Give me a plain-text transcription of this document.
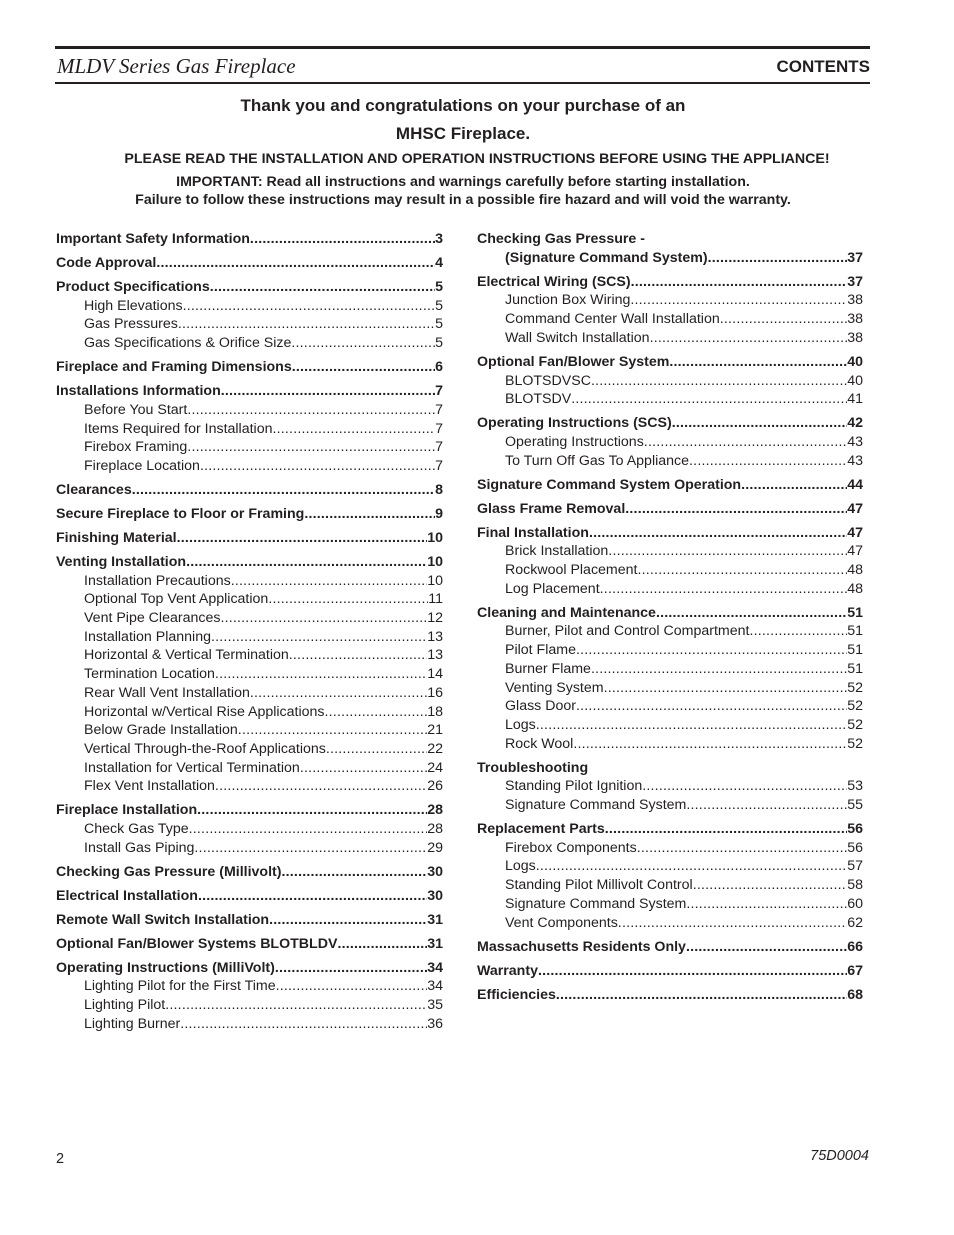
MLDV Series Gas Fireplace	CONTENTS
Thank you and congratulations on your purchase of an
MHSC Fireplace.
PLEASE READ THE INSTALLATION AND OPERATION INSTRUCTIONS BEFORE USING THE APPLIANCE!
IMPORTANT: Read all instructions and warnings carefully before starting installation.
Failure to follow these instructions may result in a possible fire hazard and will void the warranty.
Important Safety Information .....	3
Code Approval .....	4
Product Specifications .....	5
High Elevations .....	5
Gas Pressures .....	5
Gas Specifications & Orifice Size .....	5
Fireplace and Framing Dimensions .....	6
Installations Information .....	7
Before You Start .....	7
Items Required for Installation .....	7
Firebox Framing .....	7
Fireplace Location .....	7
Clearances .....	8
Secure Fireplace to Floor or Framing .....	9
Finishing Material .....	10
Venting Installation .....	10
Installation Precautions .....	10
Optional Top Vent Application .....	11
Vent Pipe Clearances .....	12
Installation Planning .....	13
Horizontal & Vertical Termination .....	13
Termination Location .....	14
Rear Wall Vent Installation .....	16
Horizontal w/Vertical Rise Applications .....	18
Below Grade Installation .....	21
Vertical Through-the-Roof Applications .....	22
Installation for Vertical Termination .....	24
Flex Vent Installation .....	26
Fireplace Installation .....	28
Check Gas Type .....	28
Install Gas Piping .....	29
Checking Gas Pressure (Millivolt) .....	30
Electrical Installation .....	30
Remote Wall Switch Installation .....	31
Optional Fan/Blower Systems BLOTBLDV .....	31
Operating Instructions (MilliVolt) .....	34
Lighting Pilot for the First Time .....	34
Lighting Pilot .....	35
Lighting Burner .....	36
Checking Gas Pressure -
(Signature Command System) .....	37
Electrical Wiring (SCS) .....	37
Junction Box Wiring .....	38
Command Center Wall Installation .....	38
Wall Switch Installation .....	38
Optional Fan/Blower System .....	40
BLOTSDVSC .....	40
BLOTSDV .....	41
Operating Instructions (SCS) .....	42
Operating Instructions .....	43
To Turn Off Gas To Appliance .....	43
Signature Command System Operation .....	44
Glass Frame Removal .....	47
Final Installation .....	47
Brick Installation .....	47
Rockwool Placement .....	48
Log Placement .....	48
Cleaning and Maintenance .....	51
Burner, Pilot and Control Compartment .....	51
Pilot Flame .....	51
Burner Flame .....	51
Venting System .....	52
Glass Door .....	52
Logs .....	52
Rock Wool .....	52
Troubleshooting
Standing Pilot Ignition .....	53
Signature Command System .....	55
Replacement Parts .....	56
Firebox Components .....	56
Logs .....	57
Standing Pilot Millivolt Control .....	58
Signature Command System .....	60
Vent Components .....	62
Massachusetts Residents Only .....	66
Warranty .....	67
Efficiencies .....	68
2	75D0004
